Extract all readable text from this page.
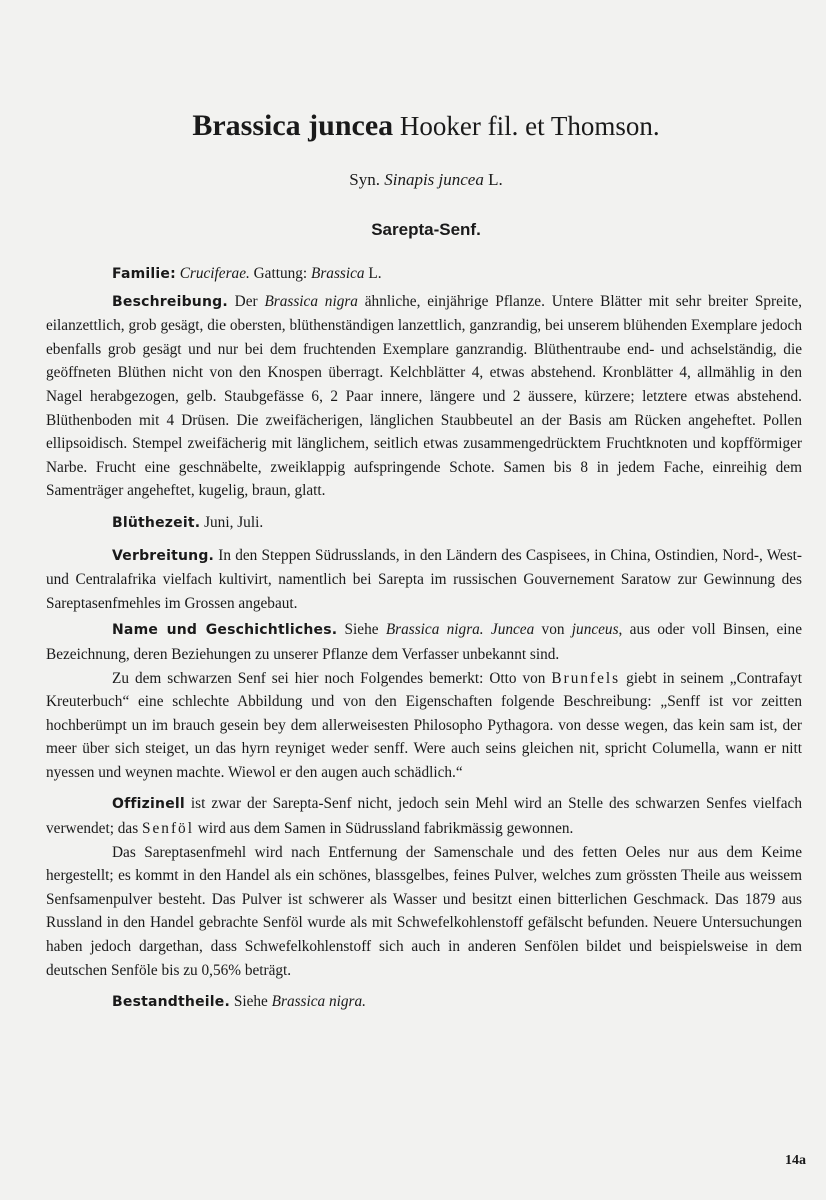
Brassica juncea Hooker fil. et Thomson.
Syn. Sinapis juncea L.
Sarepta-Senf.

Familie: Cruciferae. Gattung: Brassica L.

Beschreibung. Der Brassica nigra ähnliche, einjährige Pflanze. Untere Blätter mit sehr breiter Spreite, eilanzettlich, grob gesägt, die obersten, blüthenständigen lanzettlich, ganzrandig, bei unserem blühenden Exemplare jedoch ebenfalls grob gesägt und nur bei dem fruchtenden Exemplare ganzrandig. Blüthentraube end- und achselständig, die geöffneten Blüthen nicht von den Knospen überragt. Kelchblätter 4, etwas abstehend. Kronblätter 4, allmählig in den Nagel herabgezogen, gelb. Staubgefässe 6, 2 Paar innere, längere und 2 äussere, kürzere; letztere etwas abstehend. Blüthenboden mit 4 Drüsen. Die zweifächerigen, länglichen Staubbeutel an der Basis am Rücken angeheftet. Pollen ellipsoidisch. Stempel zweifächerig mit länglichem, seitlich etwas zusammengedrücktem Fruchtknoten und kopfförmiger Narbe. Frucht eine geschnäbelte, zweiklappig aufspringende Schote. Samen bis 8 in jedem Fache, einreihig dem Samenträger angeheftet, kugelig, braun, glatt.

Blüthezeit. Juni, Juli.

Verbreitung. In den Steppen Südrusslands, in den Ländern des Caspisees, in China, Ostindien, Nord-, West- und Centralafrika vielfach kultivirt, namentlich bei Sarepta im russischen Gouvernement Saratow zur Gewinnung des Sareptasenfmehles im Grossen angebaut.

Name und Geschichtliches. Siehe Brassica nigra. Juncea von junceus, aus oder voll Binsen, eine Bezeichnung, deren Beziehungen zu unserer Pflanze dem Verfasser unbekannt sind.

Zu dem schwarzen Senf sei hier noch Folgendes bemerkt: Otto von Brunfels giebt in seinem „Contrafayt Kreuterbuch“ eine schlechte Abbildung und von den Eigenschaften folgende Beschreibung: „Senff ist vor zeitten hochberümpt un im brauch gesein bey dem allerweisesten Philosopho Pythagora. von desse wegen, das kein sam ist, der meer über sich steiget, un das hyrn reyniget weder senff. Were auch seins gleichen nit, spricht Columella, wann er nitt nyessen und weynen machte. Wiewol er den augen auch schädlich.“

Offizinell ist zwar der Sarepta-Senf nicht, jedoch sein Mehl wird an Stelle des schwarzen Senfes vielfach verwendet; das Senföl wird aus dem Samen in Südrussland fabrikmässig gewonnen.

Das Sareptasenfmehl wird nach Entfernung der Samenschale und des fetten Oeles nur aus dem Keime hergestellt; es kommt in den Handel als ein schönes, blassgelbes, feines Pulver, welches zum grössten Theile aus weissem Senfsamenpulver besteht. Das Pulver ist schwerer als Wasser und besitzt einen bitterlichen Geschmack. Das 1879 aus Russland in den Handel gebrachte Senföl wurde als mit Schwefelkohlenstoff gefälscht befunden. Neuere Untersuchungen haben jedoch dargethan, dass Schwefelkohlenstoff sich auch in anderen Senfölen bildet und beispielsweise in dem deutschen Senföle bis zu 0,56% beträgt.

Bestandtheile. Siehe Brassica nigra.

14a
